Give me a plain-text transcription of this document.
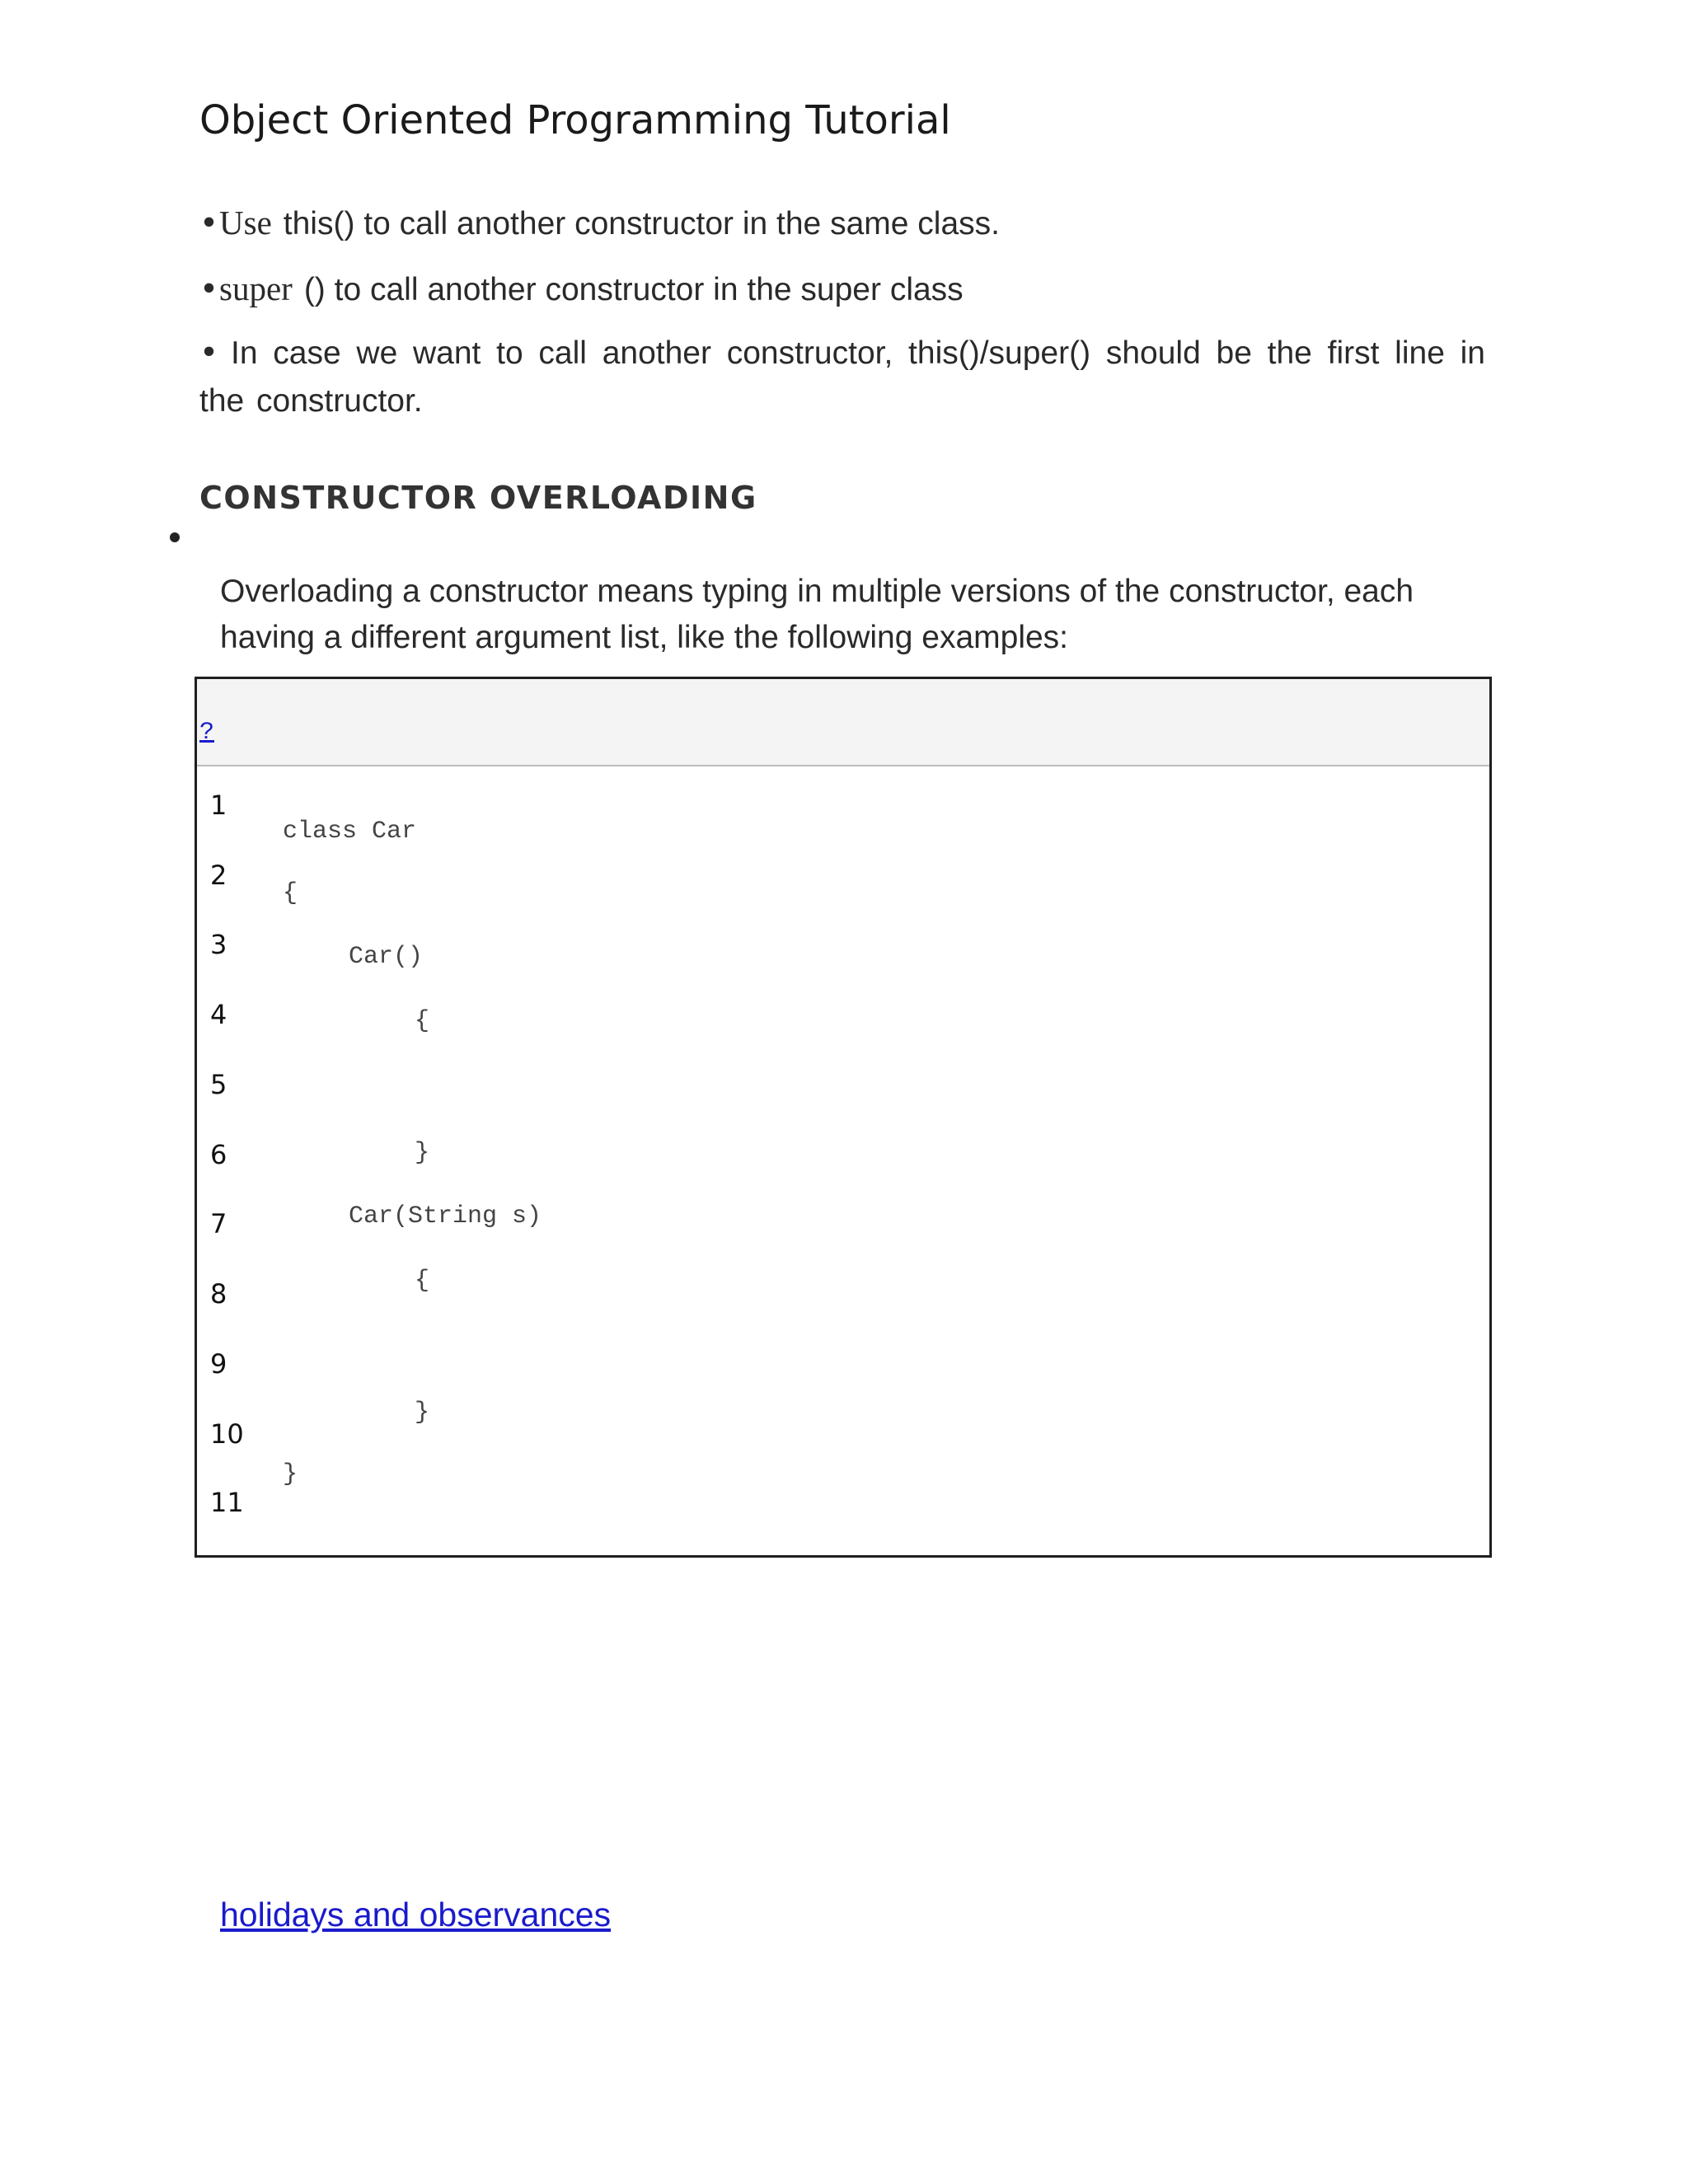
Object Oriented Programming Tutorial
•Use this() to call another constructor in the same class.
•super () to call another constructor in the super class
• In case we want to call another constructor, this()/super() should be the first line in the constructor.
CONSTRUCTOR OVERLOADING
Overloading a constructor means typing in multiple versions of the constructor, each having a different argument list, like the following examples:
?
1
2
3
4
5
6
7
8
9
10
11
class Car
{
Car()
{
}
Car(String s)
{
}
}
holidays and observances
